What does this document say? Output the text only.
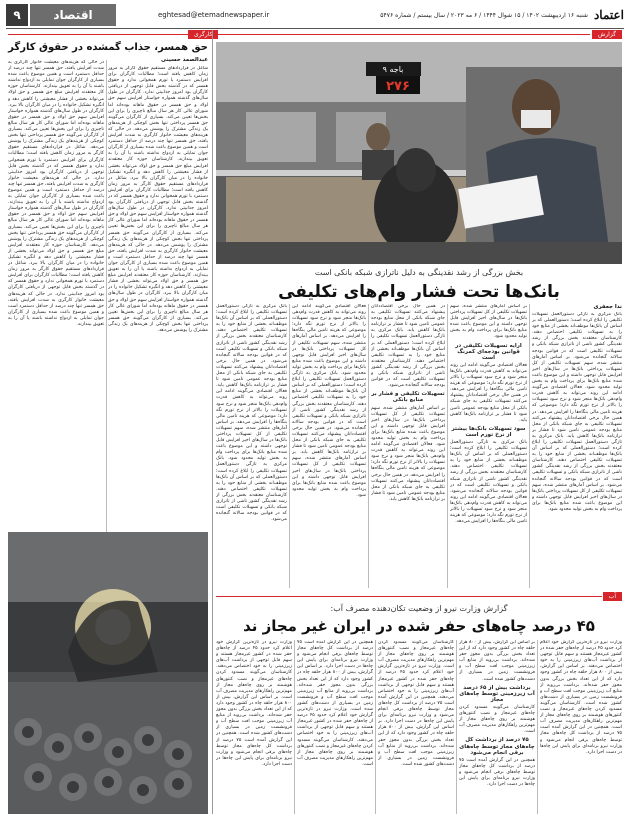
۹	اقتصاد	eghtesad@etemadnewspaper.ir	شنبه ۱۶ اردیبهشت ۱۴۰۲ / ۱۵ شوال ۱۴۴۴ / ۶ مه ۲۰۲۳ / سال بیستم / شماره ۵۴۷۶ اعتماد
کارگری
حق همسر، جذاب گمشده در حقوق کارگر
عبدالصمد حسینی
در حالی که هزینه‌های معیشت خانوار کارگری به شدت افزایش یافته، حق همسر تنها چند درصد از حداقل دستمزد است و همین موضوع باعث شده بسیاری از کارگران جوان تمایلی به ازدواج نداشته باشند یا آن را به تعویق بیندازند. کارشناسان حوزه کار معتقدند افزایش مبلغ حق همسر و حق اولاد می‌تواند بخشی از فشار معیشتی را کاهش دهد و انگیزه تشکیل خانواده را در میان کارگران بالا ببرد. کارگران در طول سال‌های گذشته همواره خواستار افزایش سهم حق اولاد و حق همسر در حقوق ماهانه بوده‌اند اما شورای عالی کار هر سال مبالغ ناچیزی را برای این بخش‌ها تعیین می‌کند. بسیاری از کارگران می‌گویند حق همسر پرداختی تنها بخش کوچکی از هزینه‌های یک زندگی مشترک را پوشش می‌دهد. شاغل در قراردادهای مستقیم حقوق کارگر به مرور زمان کاهش یافته است؛ مطالبات کارگران برای افزایش دستمزد با تورم همخوانی ندارد و حقوق همسر که در گذشته بخش قابل توجهی از دریافتی کارگران بود امروز جذابیتی ندارد. در حالی که هزینه‌های معیشت خانوار کارگری به شدت افزایش یافته، حق همسر تنها چند درصد از حداقل دستمزد است و همین موضوع باعث شده بسیاری از کارگران جوان تمایلی به ازدواج نداشته باشند یا آن را به تعویق بیندازند. کارگران در طول سال‌های گذشته همواره خواستار افزایش سهم حق اولاد و حق همسر در حقوق ماهانه بوده‌اند اما شورای عالی کار هر سال مبالغ ناچیزی را برای این بخش‌ها تعیین می‌کند. بسیاری از کارگران می‌گویند حق همسر پرداختی تنها بخش کوچکی از هزینه‌های یک زندگی مشترک را پوشش می‌دهد. کارشناسان حوزه کار معتقدند افزایش مبلغ حق همسر و حق اولاد می‌تواند بخشی از فشار معیشتی را کاهش دهد و انگیزه تشکیل خانواده را در میان کارگران بالا ببرد. شاغل در قراردادهای مستقیم حقوق کارگر به مرور زمان کاهش یافته است؛ مطالبات کارگران برای افزایش دستمزد با تورم همخوانی ندارد و حقوق همسر که در گذشته بخش قابل توجهی از دریافتی کارگران بود امروز جذابیتی ندارد. در حالی که هزینه‌های معیشت خانوار کارگری به شدت افزایش یافته، حق همسر تنها چند درصد از حداقل دستمزد است و همین موضوع باعث شده بسیاری از کارگران جوان تمایلی به ازدواج نداشته باشند یا آن را به تعویق بیندازند.
شاغل در قراردادهای مستقیم حقوق کارگر به مرور زمان کاهش یافته است؛ مطالبات کارگران برای افزایش دستمزد با تورم همخوانی ندارد و حقوق همسر که در گذشته بخش قابل توجهی از دریافتی کارگران بود امروز جذابیتی ندارد. کارگران در طول سال‌های گذشته همواره خواستار افزایش سهم حق اولاد و حق همسر در حقوق ماهانه بوده‌اند اما شورای عالی کار هر سال مبالغ ناچیزی را برای این بخش‌ها تعیین می‌کند. بسیاری از کارگران می‌گویند حق همسر پرداختی تنها بخش کوچکی از هزینه‌های یک زندگی مشترک را پوشش می‌دهد. در حالی که هزینه‌های معیشت خانوار کارگری به شدت افزایش یافته، حق همسر تنها چند درصد از حداقل دستمزد است و همین موضوع باعث شده بسیاری از کارگران جوان تمایلی به ازدواج نداشته باشند یا آن را به تعویق بیندازند. کارشناسان حوزه کار معتقدند افزایش مبلغ حق همسر و حق اولاد می‌تواند بخشی از فشار معیشتی را کاهش دهد و انگیزه تشکیل خانواده را در میان کارگران بالا ببرد. شاغل در قراردادهای مستقیم حقوق کارگر به مرور زمان کاهش یافته است؛ مطالبات کارگران برای افزایش دستمزد با تورم همخوانی ندارد و حقوق همسر که در گذشته بخش قابل توجهی از دریافتی کارگران بود امروز جذابیتی ندارد. کارگران در طول سال‌های گذشته همواره خواستار افزایش سهم حق اولاد و حق همسر در حقوق ماهانه بوده‌اند اما شورای عالی کار هر سال مبالغ ناچیزی را برای این بخش‌ها تعیین می‌کند. بسیاری از کارگران می‌گویند حق همسر پرداختی تنها بخش کوچکی از هزینه‌های یک زندگی مشترک را پوشش می‌دهد. در حالی که هزینه‌های معیشت خانوار کارگری به شدت افزایش یافته، حق همسر تنها چند درصد از حداقل دستمزد است و همین موضوع باعث شده بسیاری از کارگران جوان تمایلی به ازدواج نداشته باشند یا آن را به تعویق بیندازند. کارشناسان حوزه کار معتقدند افزایش مبلغ حق همسر و حق اولاد می‌تواند بخشی از فشار معیشتی را کاهش دهد و انگیزه تشکیل خانواده را در میان کارگران بالا ببرد. کارگران در طول سال‌های گذشته همواره خواستار افزایش سهم حق اولاد و حق همسر در حقوق ماهانه بوده‌اند اما شورای عالی کار هر سال مبالغ ناچیزی را برای این بخش‌ها تعیین می‌کند. بسیاری از کارگران می‌گویند حق همسر پرداختی تنها بخش کوچکی از هزینه‌های یک زندگی مشترک را پوشش می‌دهد.
گزارش
باجه ۹
۲۷۶
بخش بزرگی از رشد نقدینگی به دلیل ناترازی شبکه بانکی است
بانک‌ها تحت فشار وام‌های تکلیفی
ندا جعفری
بانک مرکزی به تازگی دستورالعمل تسهیلات تکلیفی را ابلاغ کرده است؛ دستورالعملی که بر اساس آن بانک‌ها موظف‌اند بخشی از منابع خود را به تسهیلات تکلیفی اختصاص دهند. کارشناسان معتقدند بخش بزرگی از رشد نقدینگی کشور ناشی از ناترازی شبکه بانکی و تسهیلات تکلیفی است که در قوانین بودجه سالانه گنجانده می‌شود. بر اساس آمارهای منتشر شده، سهم تسهیلات تکلیفی از کل تسهیلات پرداختی بانک‌ها در سال‌های اخیر افزایش قابل توجهی داشته و این موضوع باعث شده منابع بانک‌ها برای پرداخت وام به بخش تولید محدود شود. فعالان اقتصادی می‌گویند ادامه این روند می‌تواند به کاهش قدرت وام‌دهی بانک‌ها منجر شود و نرخ سود تسهیلات را بالاتر از نرخ تورم نگه دارد؛ موضوعی که هزینه تامین مالی بنگاه‌ها را افزایش می‌دهد. در همین حال برخی اقتصاددانان پیشنهاد می‌کنند تسهیلات تکلیفی به جای شبکه بانکی از محل منابع بودجه عمومی تامین شود تا فشار بر ترازنامه بانک‌ها کاهش یابد. بانک مرکزی به تازگی دستورالعمل تسهیلات تکلیفی را ابلاغ کرده است؛ دستورالعملی که بر اساس آن بانک‌ها موظف‌اند بخشی از منابع خود را به تسهیلات تکلیفی اختصاص دهند. کارشناسان معتقدند بخش بزرگی از رشد نقدینگی کشور ناشی از ناترازی شبکه بانکی و تسهیلات تکلیفی است که در قوانین بودجه سالانه گنجانده می‌شود. بر اساس آمارهای منتشر شده، سهم تسهیلات تکلیفی از کل تسهیلات پرداختی بانک‌ها در سال‌های اخیر افزایش قابل توجهی داشته و این موضوع باعث شده منابع بانک‌ها برای پرداخت وام به بخش تولید محدود شود.
بر اساس آمارهای منتشر شده، سهم تسهیلات تکلیفی از کل تسهیلات پرداختی بانک‌ها در سال‌های اخیر افزایش قابل توجهی داشته و این موضوع باعث شده منابع بانک‌ها برای پرداخت وام به بخش تولید محدود شود.
ارایه تسهیلات تکلیفی در قوانین بودجه‌ای کمرنگ است
فعالان اقتصادی می‌گویند ادامه این روند می‌تواند به کاهش قدرت وام‌دهی بانک‌ها منجر شود و نرخ سود تسهیلات را بالاتر از نرخ تورم نگه دارد؛ موضوعی که هزینه تامین مالی بنگاه‌ها را افزایش می‌دهد. در همین حال برخی اقتصاددانان پیشنهاد می‌کنند تسهیلات تکلیفی به جای شبکه بانکی از محل منابع بودجه عمومی تامین شود تا فشار بر ترازنامه بانک‌ها کاهش یابد.
سود تسهیلات بانک‌ها بیشتر از نرخ تورم است
بانک مرکزی به تازگی دستورالعمل تسهیلات تکلیفی را ابلاغ کرده است؛ دستورالعملی که بر اساس آن بانک‌ها موظف‌اند بخشی از منابع خود را به تسهیلات تکلیفی اختصاص دهند. کارشناسان معتقدند بخش بزرگی از رشد نقدینگی کشور ناشی از ناترازی شبکه بانکی و تسهیلات تکلیفی است که در قوانین بودجه سالانه گنجانده می‌شود. فعالان اقتصادی می‌گویند ادامه این روند می‌تواند به کاهش قدرت وام‌دهی بانک‌ها منجر شود و نرخ سود تسهیلات را بالاتر از نرخ تورم نگه دارد؛ موضوعی که هزینه تامین مالی بنگاه‌ها را افزایش می‌دهد.
در همین حال برخی اقتصاددانان پیشنهاد می‌کنند تسهیلات تکلیفی به جای شبکه بانکی از محل منابع بودجه عمومی تامین شود تا فشار بر ترازنامه بانک‌ها کاهش یابد. بانک مرکزی به تازگی دستورالعمل تسهیلات تکلیفی را ابلاغ کرده است؛ دستورالعملی که بر اساس آن بانک‌ها موظف‌اند بخشی از منابع خود را به تسهیلات تکلیفی اختصاص دهند. کارشناسان معتقدند بخش بزرگی از رشد نقدینگی کشور ناشی از ناترازی شبکه بانکی و تسهیلات تکلیفی است که در قوانین بودجه سالانه گنجانده می‌شود.
تسهیلات تکلیفی و فشار بر منابع بانکی
بر اساس آمارهای منتشر شده، سهم تسهیلات تکلیفی از کل تسهیلات پرداختی بانک‌ها در سال‌های اخیر افزایش قابل توجهی داشته و این موضوع باعث شده منابع بانک‌ها برای پرداخت وام به بخش تولید محدود شود. فعالان اقتصادی می‌گویند ادامه این روند می‌تواند به کاهش قدرت وام‌دهی بانک‌ها منجر شود و نرخ سود تسهیلات را بالاتر از نرخ تورم نگه دارد؛ موضوعی که هزینه تامین مالی بنگاه‌ها را افزایش می‌دهد. در همین حال برخی اقتصاددانان پیشنهاد می‌کنند تسهیلات تکلیفی به جای شبکه بانکی از محل منابع بودجه عمومی تامین شود تا فشار بر ترازنامه بانک‌ها کاهش یابد.
فعالان اقتصادی می‌گویند ادامه این روند می‌تواند به کاهش قدرت وام‌دهی بانک‌ها منجر شود و نرخ سود تسهیلات را بالاتر از نرخ تورم نگه دارد؛ موضوعی که هزینه تامین مالی بنگاه‌ها را افزایش می‌دهد. بر اساس آمارهای منتشر شده، سهم تسهیلات تکلیفی از کل تسهیلات پرداختی بانک‌ها در سال‌های اخیر افزایش قابل توجهی داشته و این موضوع باعث شده منابع بانک‌ها برای پرداخت وام به بخش تولید محدود شود. بانک مرکزی به تازگی دستورالعمل تسهیلات تکلیفی را ابلاغ کرده است؛ دستورالعملی که بر اساس آن بانک‌ها موظف‌اند بخشی از منابع خود را به تسهیلات تکلیفی اختصاص دهند. کارشناسان معتقدند بخش بزرگی از رشد نقدینگی کشور ناشی از ناترازی شبکه بانکی و تسهیلات تکلیفی است که در قوانین بودجه سالانه گنجانده می‌شود. در همین حال برخی اقتصاددانان پیشنهاد می‌کنند تسهیلات تکلیفی به جای شبکه بانکی از محل منابع بودجه عمومی تامین شود تا فشار بر ترازنامه بانک‌ها کاهش یابد. بر اساس آمارهای منتشر شده، سهم تسهیلات تکلیفی از کل تسهیلات پرداختی بانک‌ها در سال‌های اخیر افزایش قابل توجهی داشته و این موضوع باعث شده منابع بانک‌ها برای پرداخت وام به بخش تولید محدود شود.
بانک مرکزی به تازگی دستورالعمل تسهیلات تکلیفی را ابلاغ کرده است؛ دستورالعملی که بر اساس آن بانک‌ها موظف‌اند بخشی از منابع خود را به تسهیلات تکلیفی اختصاص دهند. کارشناسان معتقدند بخش بزرگی از رشد نقدینگی کشور ناشی از ناترازی شبکه بانکی و تسهیلات تکلیفی است که در قوانین بودجه سالانه گنجانده می‌شود. در همین حال برخی اقتصاددانان پیشنهاد می‌کنند تسهیلات تکلیفی به جای شبکه بانکی از محل منابع بودجه عمومی تامین شود تا فشار بر ترازنامه بانک‌ها کاهش یابد. فعالان اقتصادی می‌گویند ادامه این روند می‌تواند به کاهش قدرت وام‌دهی بانک‌ها منجر شود و نرخ سود تسهیلات را بالاتر از نرخ تورم نگه دارد؛ موضوعی که هزینه تامین مالی بنگاه‌ها را افزایش می‌دهد. بر اساس آمارهای منتشر شده، سهم تسهیلات تکلیفی از کل تسهیلات پرداختی بانک‌ها در سال‌های اخیر افزایش قابل توجهی داشته و این موضوع باعث شده منابع بانک‌ها برای پرداخت وام به بخش تولید محدود شود. بانک مرکزی به تازگی دستورالعمل تسهیلات تکلیفی را ابلاغ کرده است؛ دستورالعملی که بر اساس آن بانک‌ها موظف‌اند بخشی از منابع خود را به تسهیلات تکلیفی اختصاص دهند. کارشناسان معتقدند بخش بزرگی از رشد نقدینگی کشور ناشی از ناترازی شبکه بانکی و تسهیلات تکلیفی است که در قوانین بودجه سالانه گنجانده می‌شود.
آب
گزارش وزارت نیرو از وضعیت تکان‌دهنده مصرف آب:
۴۵ درصد چاه‌های حفر شده در ایران غیر مجاز ند
وزارت نیرو در تازه‌ترین گزارش خود اعلام کرد حدود ۴۵ درصد از چاه‌های حفر شده در کشور غیرمجاز هستند و سهم قابل توجهی از برداشت آب‌های زیرزمینی را به خود اختصاص می‌دهند. بر اساس این گزارش، بیش از ۸۰۰ هزار حلقه چاه در کشور وجود دارد که از این تعداد بخش بزرگی بدون مجوز حفر شده‌اند. برداشت بی‌رویه از منابع آب زیرزمینی موجب افت سطح آب و فرونشست زمین در بسیاری از دشت‌های کشور شده است. کارشناسان می‌گویند مسدود کردن چاه‌های غیرمجاز و نصب کنتورهای هوشمند بر روی چاه‌های مجاز از مهم‌ترین راهکارهای مدیریت مصرف آب است. همچنین در این گزارش آمده است ۷۵ درصد از برداشت کل چاه‌های مجاز توسط چاه‌های برقی انجام می‌شود و وزارت نیرو برنامه‌ای برای پایش این چاه‌ها در دست اجرا دارد.
بر اساس این گزارش، بیش از ۸۰۰ هزار حلقه چاه در کشور وجود دارد که از این تعداد بخش بزرگی بدون مجوز حفر شده‌اند. برداشت بی‌رویه از منابع آب زیرزمینی موجب افت سطح آب و فرونشست زمین در بسیاری از دشت‌های کشور شده است.
برداشت بیش از ۶۵ درصد آب زیرزمینی توسط چاه‌های مجاز
کارشناسان می‌گویند مسدود کردن چاه‌های غیرمجاز و نصب کنتورهای هوشمند بر روی چاه‌های مجاز از مهم‌ترین راهکارهای مدیریت مصرف آب است.
۷۵ درصد از برداشت کل چاه‌های مجاز توسط چاه‌های برقی انجام می‌شود
همچنین در این گزارش آمده است ۷۵ درصد از برداشت کل چاه‌های مجاز توسط چاه‌های برقی انجام می‌شود و وزارت نیرو برنامه‌ای برای پایش این چاه‌ها در دست اجرا دارد.
کارشناسان می‌گویند مسدود کردن چاه‌های غیرمجاز و نصب کنتورهای هوشمند بر روی چاه‌های مجاز از مهم‌ترین راهکارهای مدیریت مصرف آب است. وزارت نیرو در تازه‌ترین گزارش خود اعلام کرد حدود ۴۵ درصد از چاه‌های حفر شده در کشور غیرمجاز هستند و سهم قابل توجهی از برداشت آب‌های زیرزمینی را به خود اختصاص می‌دهند. همچنین در این گزارش آمده است ۷۵ درصد از برداشت کل چاه‌های مجاز توسط چاه‌های برقی انجام می‌شود و وزارت نیرو برنامه‌ای برای پایش این چاه‌ها در دست اجرا دارد. بر اساس این گزارش، بیش از ۸۰۰ هزار حلقه چاه در کشور وجود دارد که از این تعداد بخش بزرگی بدون مجوز حفر شده‌اند. برداشت بی‌رویه از منابع آب زیرزمینی موجب افت سطح آب و فرونشست زمین در بسیاری از دشت‌های کشور شده است.
همچنین در این گزارش آمده است ۷۵ درصد از برداشت کل چاه‌های مجاز توسط چاه‌های برقی انجام می‌شود و وزارت نیرو برنامه‌ای برای پایش این چاه‌ها در دست اجرا دارد. بر اساس این گزارش، بیش از ۸۰۰ هزار حلقه چاه در کشور وجود دارد که از این تعداد بخش بزرگی بدون مجوز حفر شده‌اند. برداشت بی‌رویه از منابع آب زیرزمینی موجب افت سطح آب و فرونشست زمین در بسیاری از دشت‌های کشور شده است. وزارت نیرو در تازه‌ترین گزارش خود اعلام کرد حدود ۴۵ درصد از چاه‌های حفر شده در کشور غیرمجاز هستند و سهم قابل توجهی از برداشت آب‌های زیرزمینی را به خود اختصاص می‌دهند. کارشناسان می‌گویند مسدود کردن چاه‌های غیرمجاز و نصب کنتورهای هوشمند بر روی چاه‌های مجاز از مهم‌ترین راهکارهای مدیریت مصرف آب است.
وزارت نیرو در تازه‌ترین گزارش خود اعلام کرد حدود ۴۵ درصد از چاه‌های حفر شده در کشور غیرمجاز هستند و سهم قابل توجهی از برداشت آب‌های زیرزمینی را به خود اختصاص می‌دهند. کارشناسان می‌گویند مسدود کردن چاه‌های غیرمجاز و نصب کنتورهای هوشمند بر روی چاه‌های مجاز از مهم‌ترین راهکارهای مدیریت مصرف آب است. بر اساس این گزارش، بیش از ۸۰۰ هزار حلقه چاه در کشور وجود دارد که از این تعداد بخش بزرگی بدون مجوز حفر شده‌اند. برداشت بی‌رویه از منابع آب زیرزمینی موجب افت سطح آب و فرونشست زمین در بسیاری از دشت‌های کشور شده است. همچنین در این گزارش آمده است ۷۵ درصد از برداشت کل چاه‌های مجاز توسط چاه‌های برقی انجام می‌شود و وزارت نیرو برنامه‌ای برای پایش این چاه‌ها در دست اجرا دارد.
